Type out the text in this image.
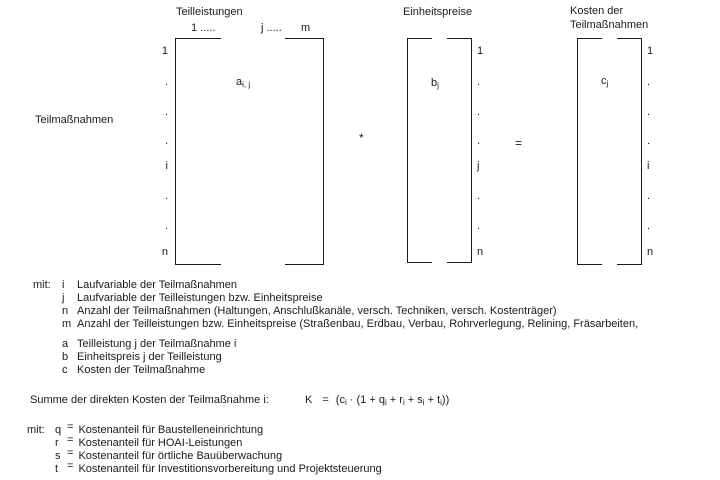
Teilleistungen	Einheitspreise	Kosten der
Teilmaßnahmen
1 .....	j ..... m
Teilmaßnahmen
$a_{i, j}$
1
.
.
.
i
.
.
n
*
$b_j$
1
.
.
.
j
.
.
n
=
$c_j$
1
.
.
.
i
.
.
n
mit: i Laufvariable der Teilmaßnahmen
j Laufvariable der Teilleistungen bzw. Einheitspreise
n Anzahl der Teilmaßnahmen (Haltungen, Anschlußkanäle, versch. Techniken, versch. Kostenträger)
m Anzahl der Teilleistungen bzw. Einheitspreise (Straßenbau, Erdbau, Verbau, Rohrverlegung, Relining, Fräsarbeiten,
a Teilleistung j der Teilmaßnahme i
b Einheitspreis j der Teilleistung
c Kosten der Teilmaßnahme
Summe der direkten Kosten der Teilmaßnahme i:	$K = (c_i \cdot (1 + q_i + r_i + s_i + t_i))$
mit: q = Kostenanteil für Baustelleneinrichtung
r = Kostenanteil für HOAI-Leistungen
s = Kostenanteil für örtliche Bauüberwachung
t = Kostenanteil für Investitionsvorbereitung und Projektsteuerung
